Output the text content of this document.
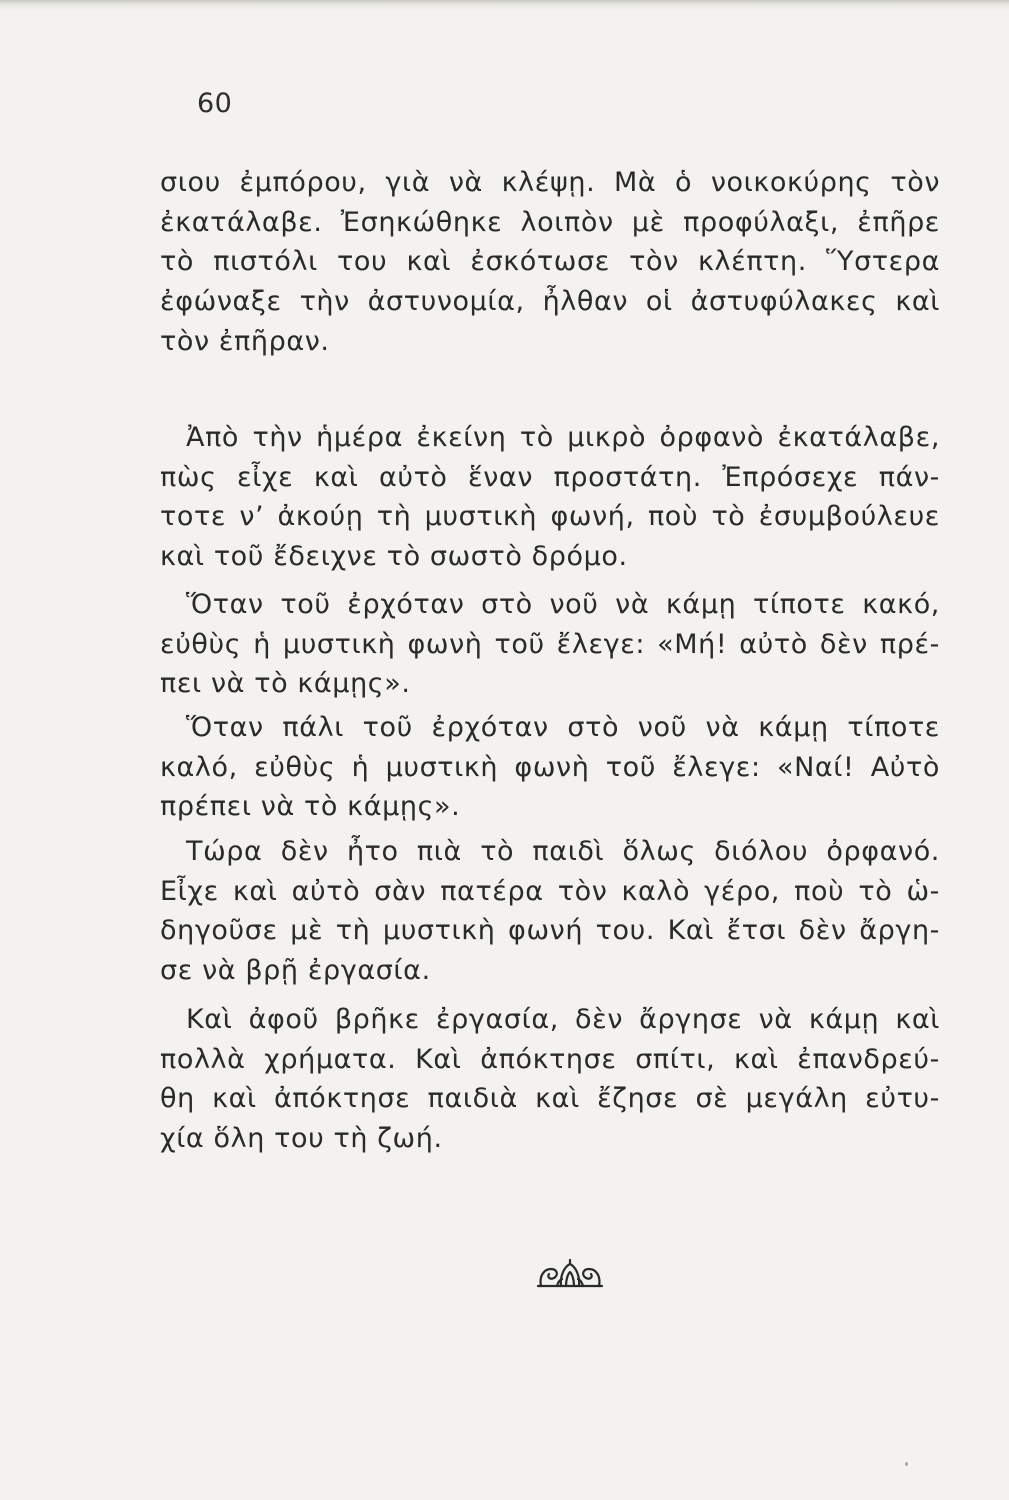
60
σιου ἐμπόρου, γιὰ νὰ κλέψῃ. Μὰ ὁ νοικοκύρης τὸν
ἐκατάλαβε. Ἐσηκώθηκε λοιπὸν μὲ προφύλαξι, ἐπῆρε
τὸ πιστόλι του καὶ ἐσκότωσε τὸν κλέπτη. Ὕστερα
ἐφώναξε τὴν ἀστυνομία, ἦλθαν οἱ ἀστυφύλακες καὶ
τὸν ἐπῆραν.
Ἀπὸ τὴν ἡμέρα ἐκείνη τὸ μικρὸ ὀρφανὸ ἐκατάλαβε,
πὼς εἶχε καὶ αὐτὸ ἕναν προστάτη. Ἐπρόσεχε πάν-
τοτε ν’ ἀκούῃ τὴ μυστικὴ φωνή, ποὺ τὸ ἐσυμβούλευε
καὶ τοῦ ἔδειχνε τὸ σωστὸ δρόμο.
Ὅταν τοῦ ἐρχόταν στὸ νοῦ νὰ κάμῃ τίποτε κακό,
εὐθὺς ἡ μυστικὴ φωνὴ τοῦ ἔλεγε: «Μή! αὐτὸ δὲν πρέ-
πει νὰ τὸ κάμῃς».
Ὅταν πάλι τοῦ ἐρχόταν στὸ νοῦ νὰ κάμῃ τίποτε
καλό, εὐθὺς ἡ μυστικὴ φωνὴ τοῦ ἔλεγε: «Ναί! Αὐτὸ
πρέπει νὰ τὸ κάμῃς».
Τώρα δὲν ἦτο πιὰ τὸ παιδὶ ὅλως διόλου ὀρφανό.
Εἶχε καὶ αὐτὸ σὰν πατέρα τὸν καλὸ γέρο, ποὺ τὸ ὡ-
δηγοῦσε μὲ τὴ μυστικὴ φωνή του. Καὶ ἔτσι δὲν ἄργη-
σε νὰ βρῇ ἐργασία.
Καὶ ἀφοῦ βρῆκε ἐργασία, δὲν ἄργησε νὰ κάμῃ καὶ
πολλὰ χρήματα. Καὶ ἀπόκτησε σπίτι, καὶ ἐπανδρεύ-
θη καὶ ἀπόκτησε παιδιὰ καὶ ἔζησε σὲ μεγάλη εὐτυ-
χία ὅλη του τὴ ζωή.
